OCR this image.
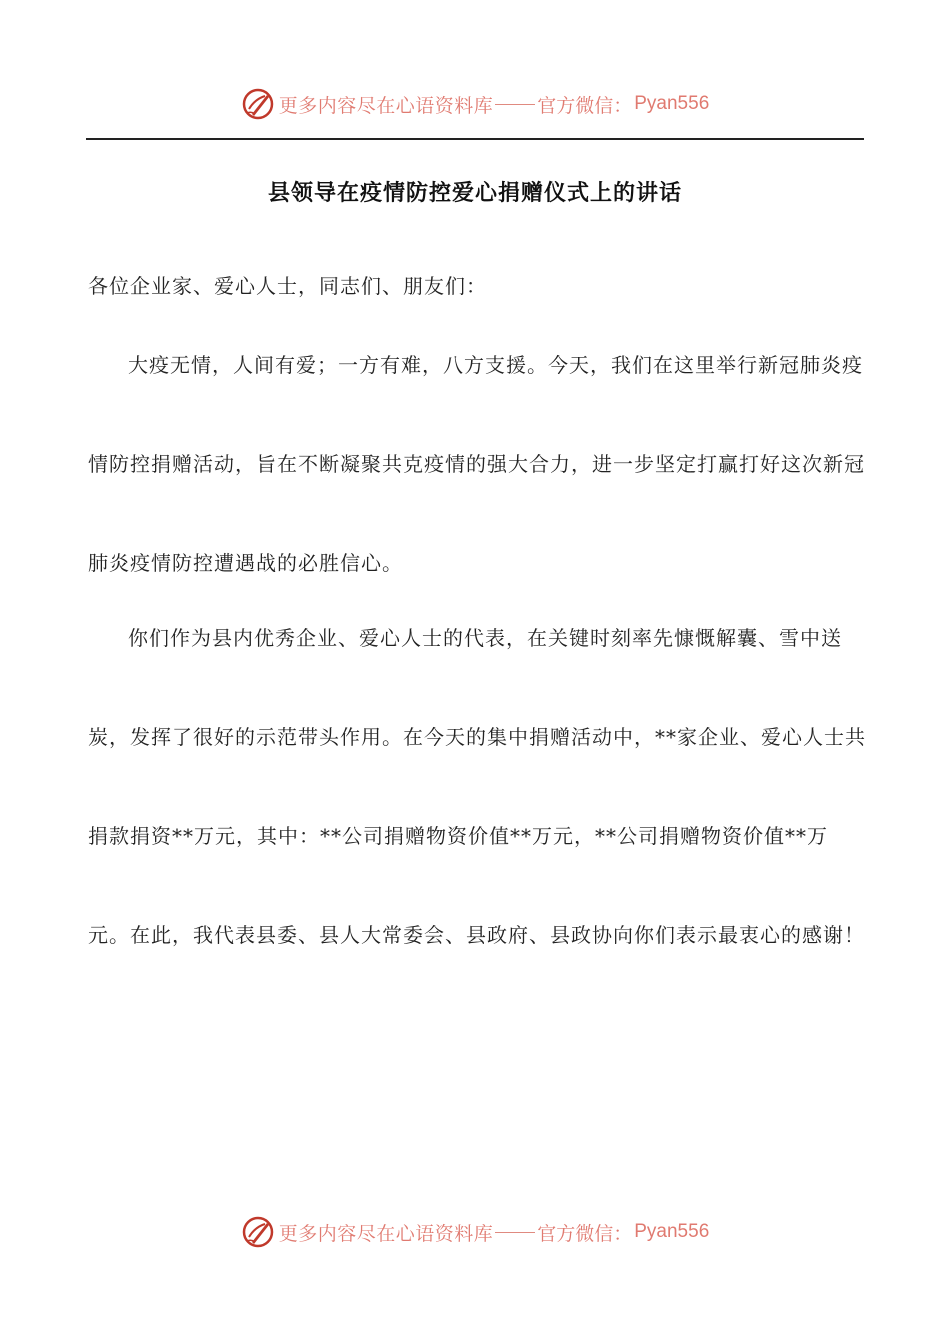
更多内容尽在心语资料库 官方微信： Pyan556
县领导在疫情防控爱心捐赠仪式上的讲话
各位企业家、爱心人士，同志们、朋友们：

大疫无情，人间有爱；一方有难，八方支援。今天，我们在这里举行新冠肺炎疫情防控捐赠活动，旨在不断凝聚共克疫情的强大合力，进一步坚定打赢打好这次新冠肺炎疫情防控遭遇战的必胜信心。

你们作为县内优秀企业、爱心人士的代表，在关键时刻率先慷慨解囊、雪中送炭，发挥了很好的示范带头作用。在今天的集中捐赠活动中，**家企业、爱心人士共捐款捐资**万元，其中：**公司捐赠物资价值**万元，**公司捐赠物资价值**万元。在此，我代表县委、县人大常委会、县政府、县政协向你们表示最衷心的感谢！

更多内容尽在心语资料库 官方微信： Pyan556
